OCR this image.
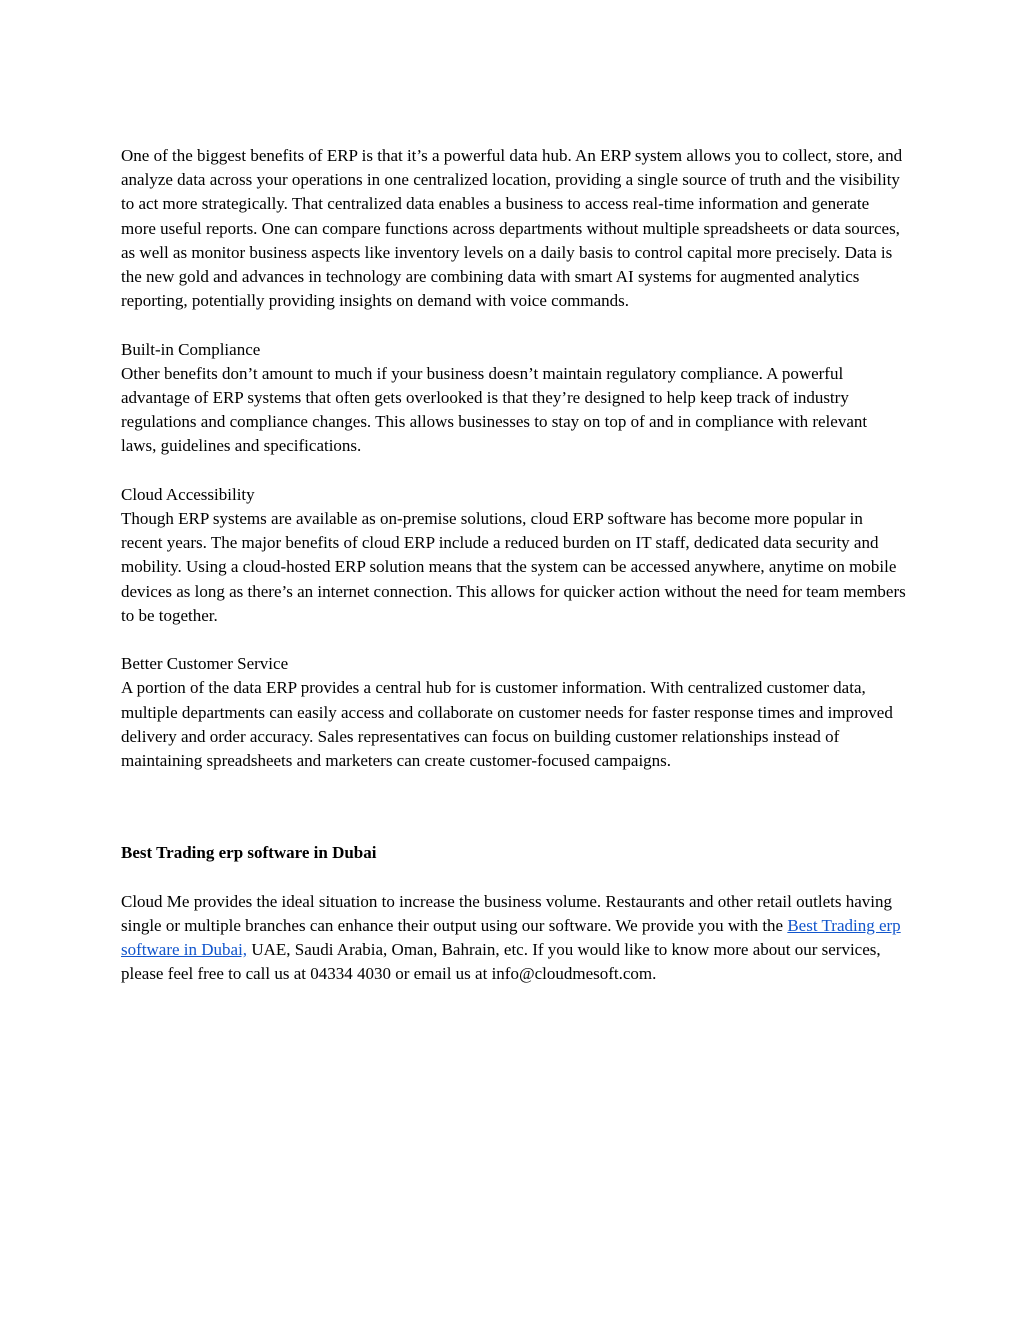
One of the biggest benefits of ERP is that it’s a powerful data hub. An ERP system allows you to collect, store, and analyze data across your operations in one centralized location, providing a single source of truth and the visibility to act more strategically. That centralized data enables a business to access real-time information and generate more useful reports. One can compare functions across departments without multiple spreadsheets or data sources, as well as monitor business aspects like inventory levels on a daily basis to control capital more precisely. Data is the new gold and advances in technology are combining data with smart AI systems for augmented analytics reporting, potentially providing insights on demand with voice commands.

Built-in Compliance

Other benefits don’t amount to much if your business doesn’t maintain regulatory compliance. A powerful advantage of ERP systems that often gets overlooked is that they’re designed to help keep track of industry regulations and compliance changes. This allows businesses to stay on top of and in compliance with relevant laws, guidelines and specifications.

Cloud Accessibility

Though ERP systems are available as on-premise solutions, cloud ERP software has become more popular in recent years. The major benefits of cloud ERP include a reduced burden on IT staff, dedicated data security and mobility. Using a cloud-hosted ERP solution means that the system can be accessed anywhere, anytime on mobile devices as long as there’s an internet connection. This allows for quicker action without the need for team members to be together.

Better Customer Service

A portion of the data ERP provides a central hub for is customer information. With centralized customer data, multiple departments can easily access and collaborate on customer needs for faster response times and improved delivery and order accuracy. Sales representatives can focus on building customer relationships instead of maintaining spreadsheets and marketers can create customer-focused campaigns.

Best Trading erp software in Dubai

Cloud Me provides the ideal situation to increase the business volume. Restaurants and other retail outlets having single or multiple branches can enhance their output using our software. We provide you with the Best Trading erp software in Dubai, UAE, Saudi Arabia, Oman, Bahrain, etc. If you would like to know more about our services, please feel free to call us at 04334 4030 or email us at info@cloudmesoft.com.
